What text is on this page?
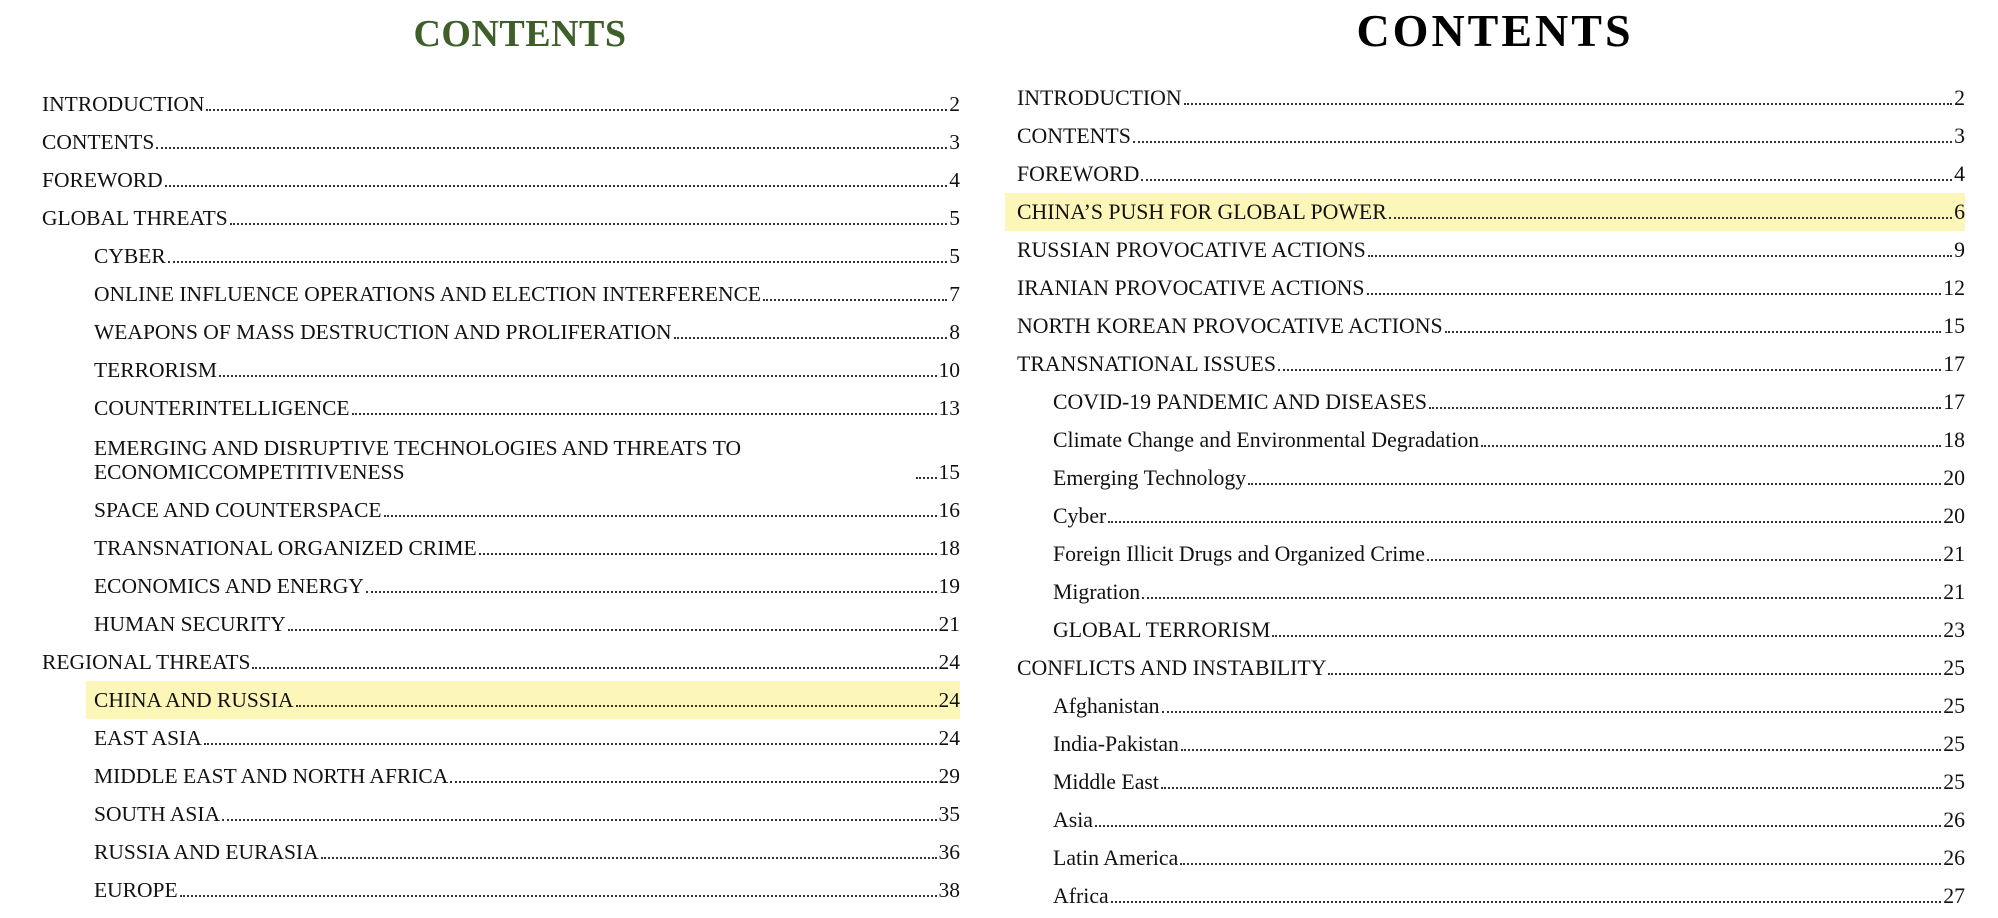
CONTENTS
INTRODUCTION	2
CONTENTS	3
FOREWORD	4
GLOBAL THREATS	5
CYBER	5
ONLINE INFLUENCE OPERATIONS AND ELECTION INTERFERENCE	7
WEAPONS OF MASS DESTRUCTION AND PROLIFERATION	8
TERRORISM	10
COUNTERINTELLIGENCE	13
EMERGING AND DISRUPTIVE TECHNOLOGIES AND THREATS TO ECONOMICCOMPETITIVENESS	15
SPACE AND COUNTERSPACE	16
TRANSNATIONAL ORGANIZED CRIME	18
ECONOMICS AND ENERGY	19
HUMAN SECURITY	21
REGIONAL THREATS	24
CHINA AND RUSSIA	24
EAST ASIA	24
MIDDLE EAST AND NORTH AFRICA	29
SOUTH ASIA	35
RUSSIA AND EURASIA	36
EUROPE	38
CONTENTS
INTRODUCTION	2
CONTENTS	3
FOREWORD	4
CHINA’S PUSH FOR GLOBAL POWER	6
RUSSIAN PROVOCATIVE ACTIONS	9
IRANIAN PROVOCATIVE ACTIONS	12
NORTH KOREAN PROVOCATIVE ACTIONS	15
TRANSNATIONAL ISSUES	17
COVID-19 PANDEMIC AND DISEASES	17
Climate Change and Environmental Degradation	18
Emerging Technology	20
Cyber	20
Foreign Illicit Drugs and Organized Crime	21
Migration	21
GLOBAL TERRORISM	23
CONFLICTS AND INSTABILITY	25
Afghanistan	25
India-Pakistan	25
Middle East	25
Asia	26
Latin America	26
Africa	27
